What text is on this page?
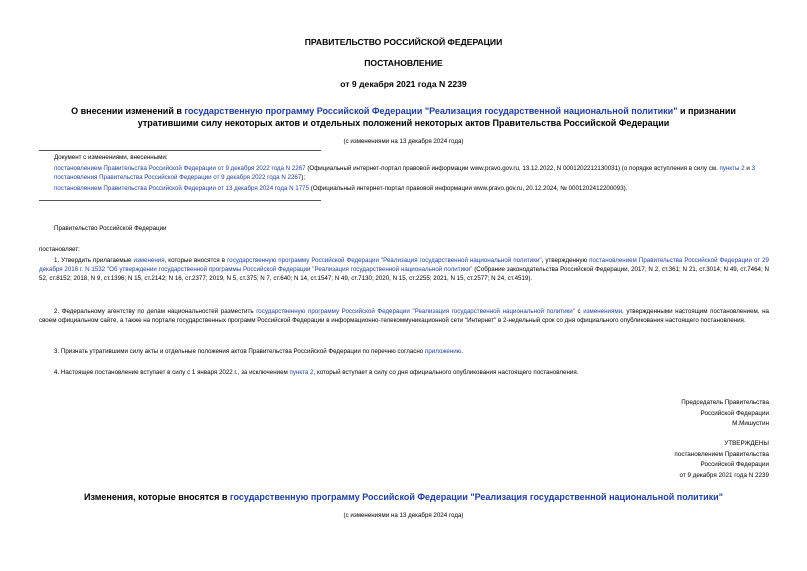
ПРАВИТЕЛЬСТВО РОССИЙСКОЙ ФЕДЕРАЦИИ
ПОСТАНОВЛЕНИЕ
от 9 декабря 2021 года N 2239
О внесении изменений в государственную программу Российской Федерации "Реализация государственной национальной политики" и признании утратившими силу некоторых актов и отдельных положений некоторых актов Правительства Российской Федерации
(с изменениями на 13 декабря 2024 года)
Документ с изменениями, внесенными:
постановлением Правительства Российской Федерации от 9 декабря 2022 года N 2267 (Официальный интернет-портал правовой информации www.pravo.gov.ru, 13.12.2022, N 0001202212130031) (о порядке вступления в силу см. пункты 2 и 3 постановления Правительства Российской Федерации от 9 декабря 2022 года N 2267);
постановлением Правительства Российской Федерации от 13 декабря 2024 года N 1775 (Официальный интернет-портал правовой информации www.pravo.gov.ru, 20.12.2024, № 0001202412200093).
Правительство Российской Федерации
постановляет:
1. Утвердить прилагаемые изменения, которые вносятся в государственную программу Российской Федерации "Реализация государственной национальной политики", утвержденную постановлением Правительства Российской Федерации от 29 декабря 2016 г. N 1532 "Об утверждении государственной программы Российской Федерации "Реализация государственной национальной политики" (Собрание законодательства Российской Федерации, 2017, N 2, ст.361; N 21, ст.3014; N 49, ст.7464; N 52, ст.8152; 2018, N 9, ст.1396; N 15, ст.2142; N 16, ст.2377; 2019, N 5, ст.375; N 7, ст.640; N 14, ст.1547; N 49, ст.7130; 2020, N 15, ст.2255; 2021, N 15, ст.2577; N 24, ст.4519).
2. Федеральному агентству по делам национальностей разместить государственную программу Российской Федерации "Реализация государственной национальной политики" с изменениями, утвержденными настоящим постановлением, на своем официальном сайте, а также на портале государственных программ Российской Федерации в информационно-телекоммуникационной сети "Интернет" в 2-недельный срок со дня официального опубликования настоящего постановления.
3. Признать утратившими силу акты и отдельные положения актов Правительства Российской Федерации по перечню согласно приложению.
4. Настоящее постановление вступает в силу с 1 января 2022 г., за исключением пункта 2, который вступает в силу со дня официального опубликования настоящего постановления.
Председатель Правительства
Российской Федерации
М.Мишустин
УТВЕРЖДЕНЫ
постановлением Правительства
Российской Федерации
от 9 декабря 2021 года N 2239
Изменения, которые вносятся в государственную программу Российской Федерации "Реализация государственной национальной политики"
(с изменениями на 13 декабря 2024 года)
